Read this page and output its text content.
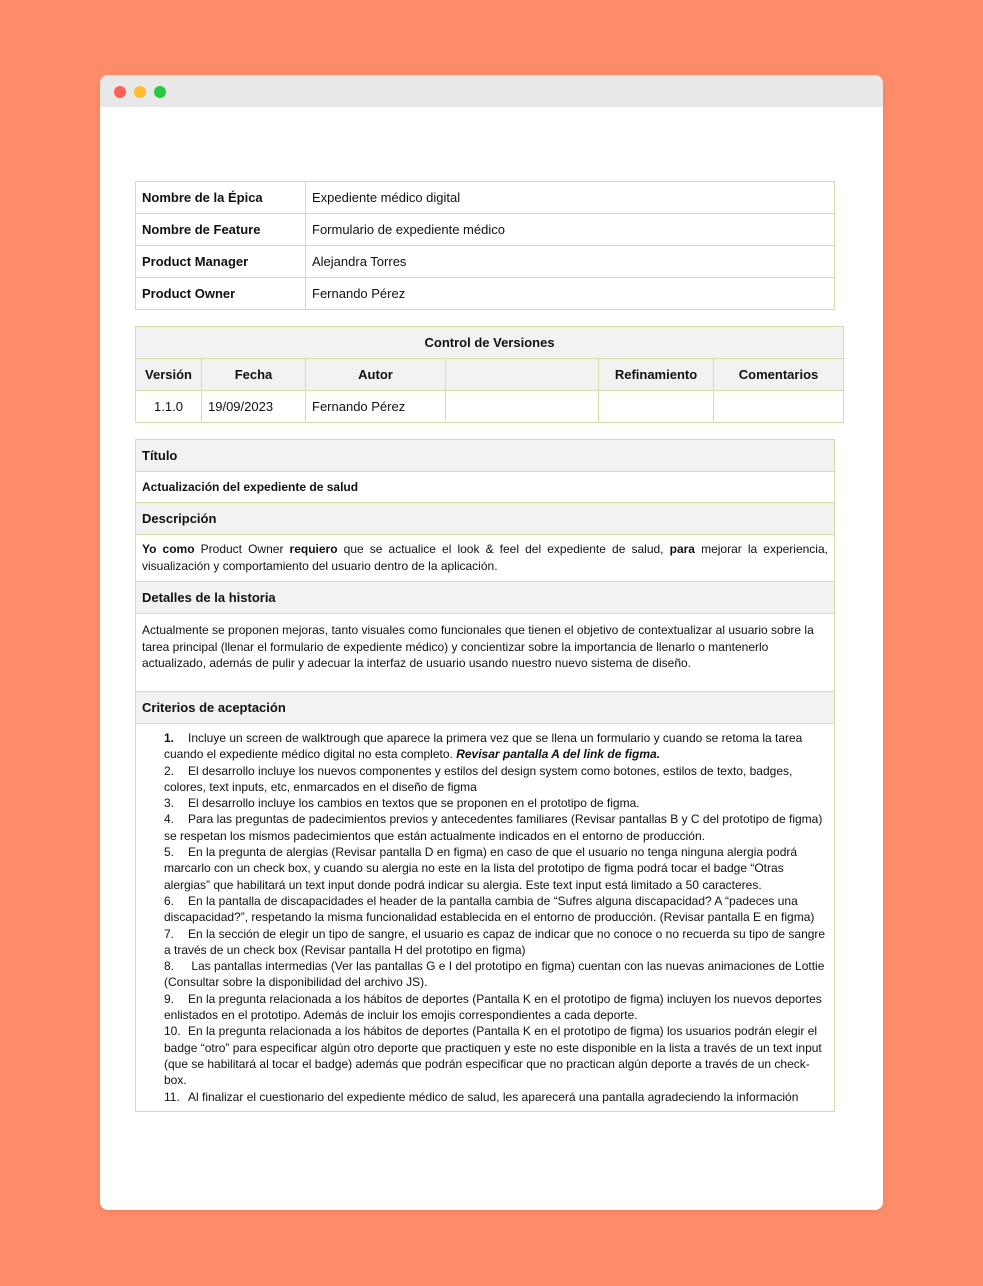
Nombre de la Épica	Expediente médico digital
Nombre de Feature	Formulario de expediente médico
Product Manager	Alejandra Torres
Product Owner	Fernando Pérez
Control de Versiones					
Versión	Fecha	Autor		Refinamiento	Comentarios
1.1.0	19/09/2023	Fernando Pérez			
Título
Actualización del expediente de salud
Descripción
Yo como Product Owner requiero que se actualice el look & feel del expediente de salud, para mejorar la experiencia, visualización y comportamiento del usuario dentro de la aplicación.
Detalles de la historia
Actualmente se proponen mejoras, tanto visuales como funcionales que tienen el objetivo de contextualizar al usuario sobre la tarea principal (llenar el formulario de expediente médico) y concientizar sobre la importancia de llenarlo o mantenerlo actualizado, además de pulir y adecuar la interfaz de usuario usando nuestro nuevo sistema de diseño.
Criterios de aceptación

1. Incluye un screen de walktrough que aparece la primera vez que se llena un formulario y cuando se retoma la tarea cuando el expediente médico digital no esta completo. Revisar pantalla A del link de figma.
2. El desarrollo incluye los nuevos componentes y estilos del design system como botones, estilos de texto, badges, colores, text inputs, etc, enmarcados en el diseño de figma
3. El desarrollo incluye los cambios en textos que se proponen en el prototipo de figma.
4. Para las preguntas de padecimientos previos y antecedentes familiares (Revisar pantallas B y C del prototipo de figma) se respetan los mismos padecimientos que están actualmente indicados en el entorno de producción.
5. En la pregunta de alergias (Revisar pantalla D en figma) en caso de que el usuario no tenga ninguna alergia podrá marcarlo con un check box, y cuando su alergia no este en la lista del prototipo de figma podrá tocar el badge “Otras alergias” que habilitará un text input donde podrá indicar su alergia. Este text input está limitado a 50 caracteres.
6. En la pantalla de discapacidades el header de la pantalla cambia de “Sufres alguna discapacidad? A “padeces una discapacidad?”, respetando la misma funcionalidad establecida en el entorno de producción. (Revisar pantalla E en figma)
7. En la sección de elegir un tipo de sangre, el usuario es capaz de indicar que no conoce o no recuerda su tipo de sangre a través de un check box (Revisar pantalla H del prototipo en figma)
8. Las pantallas intermedias (Ver las pantallas G e I del prototipo en figma) cuentan con las nuevas animaciones de Lottie (Consultar sobre la disponibilidad del archivo JS).
9. En la pregunta relacionada a los hábitos de deportes (Pantalla K en el prototipo de figma) incluyen los nuevos deportes enlistados en el prototipo. Además de incluir los emojis correspondientes a cada deporte.
10. En la pregunta relacionada a los hábitos de deportes (Pantalla K en el prototipo de figma) los usuarios podrán elegir el badge “otro” para especificar algún otro deporte que practiquen y este no este disponible en la lista a través de un text input (que se habilitará al tocar el badge) además que podrán especificar que no practican algún deporte a través de un check-box.
11. Al finalizar el cuestionario del expediente médico de salud, les aparecerá una pantalla agradeciendo la información
